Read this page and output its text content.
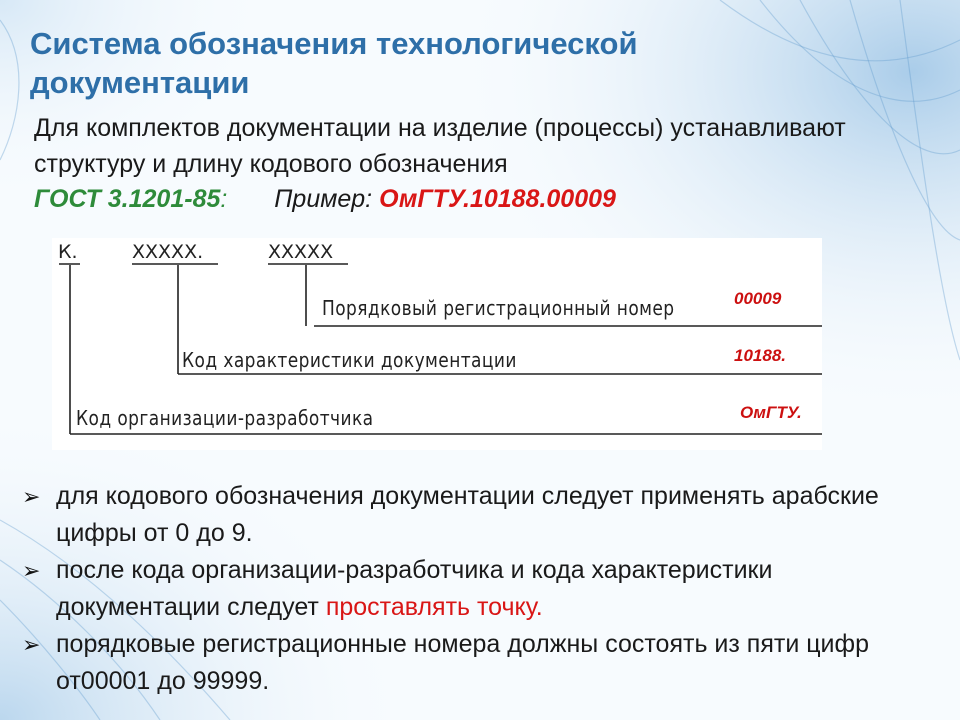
Система обозначения технологической документации
Для комплектов документации на изделие (процессы) устанавливают структуру и длину кодового обозначения
ГОСТ 3.1201-85: Пример: ОмГТУ.10188.00009
К.	ХХХХХ.	ХХХХХ
Порядковый регистрационный номер
Код характеристики документации
Код организации-разработчика
00009
10188.
ОмГТУ.
➢ для кодового обозначения документации следует применять арабские цифры от 0 до 9.
➢ после кода организации-разработчика и кода характеристики документации следует проставлять точку.
➢ порядковые регистрационные номера должны состоять из пяти цифр от00001 до 99999.
